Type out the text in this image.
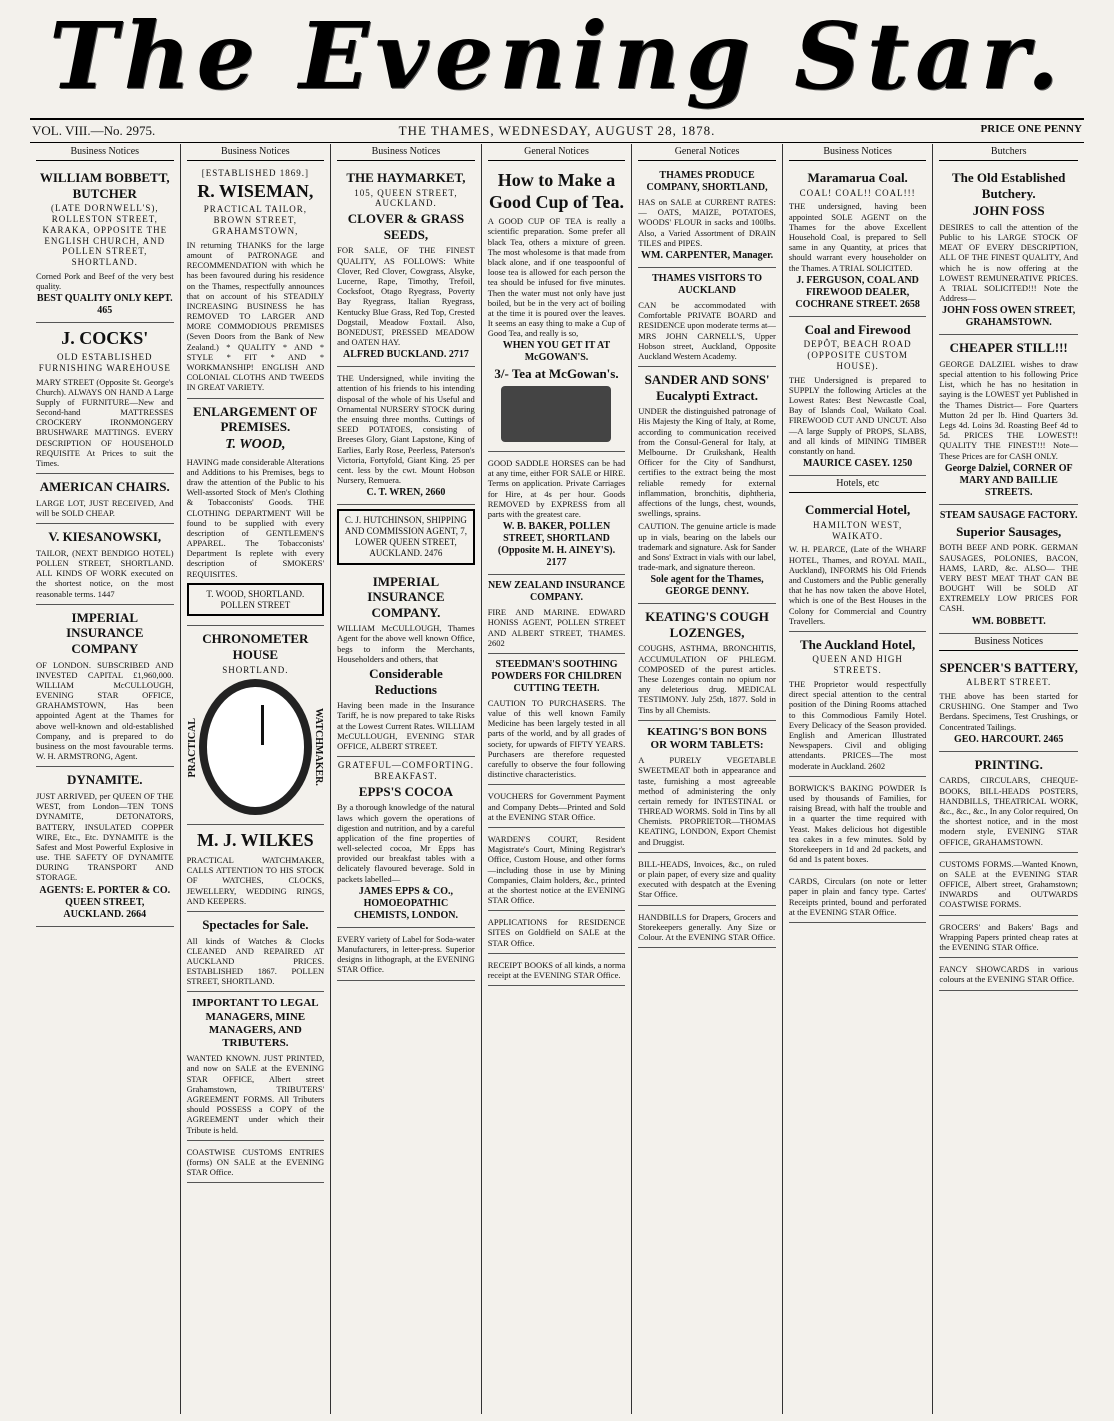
The Evening Star.
VOL. VIII.—No. 2975.	THE THAMES, WEDNESDAY, AUGUST 28, 1878.	PRICE ONE PENNY
Business Notices
WILLIAM BOBBETT, BUTCHER
(LATE DORNWELL'S), ROLLESTON STREET, KARAKA, OPPOSITE THE ENGLISH CHURCH, AND POLLEN STREET, SHORTLAND.
Corned Pork and Beef of the very best quality.
BEST QUALITY ONLY KEPT. 465
J. COCKS'
OLD ESTABLISHED FURNISHING WAREHOUSE
MARY STREET (Opposite St. George's Church). ALWAYS ON HAND A Large Supply of FURNITURE—New and Second-hand MATTRESSES CROCKERY IRONMONGERY BRUSHWARE MATTINGS. EVERY DESCRIPTION OF HOUSEHOLD REQUISITE At Prices to suit the Times.
AMERICAN CHAIRS.
LARGE LOT, JUST RECEIVED, And will be SOLD CHEAP.
V. KIESANOWSKI,
TAILOR, (NEXT BENDIGO HOTEL) POLLEN STREET, SHORTLAND. ALL KINDS OF WORK executed on the shortest notice, on the most reasonable terms. 1447
IMPERIAL INSURANCE COMPANY
OF LONDON. SUBSCRIBED AND INVESTED CAPITAL £1,960,000. WILLIAM McCULLOUGH, EVENING STAR OFFICE, GRAHAMSTOWN, Has been appointed Agent at the Thames for above well-known and old-established Company, and is prepared to do business on the most favourable terms. W. H. ARMSTRONG, Agent.
DYNAMITE.
JUST ARRIVED, per QUEEN OF THE WEST, from London—TEN TONS DYNAMITE, DETONATORS, BATTERY, INSULATED COPPER WIRE, Etc., Etc. DYNAMITE is the Safest and Most Powerful Explosive in use. THE SAFETY OF DYNAMITE DURING TRANSPORT AND STORAGE.
AGENTS: E. PORTER & CO. QUEEN STREET, AUCKLAND. 2664
Business Notices
[ESTABLISHED 1869.]
R. WISEMAN,
PRACTICAL TAILOR, BROWN STREET, GRAHAMSTOWN,
IN returning THANKS for the large amount of PATRONAGE and RECOMMENDATION with which he has been favoured during his residence on the Thames, respectfully announces that on account of his STEADILY INCREASING BUSINESS he has REMOVED TO LARGER AND MORE COMMODIOUS PREMISES (Seven Doors from the Bank of New Zealand.) * QUALITY * AND * STYLE * FIT * AND * WORKMANSHIP! ENGLISH AND COLONIAL CLOTHS AND TWEEDS IN GREAT VARIETY.
ENLARGEMENT OF PREMISES.
T. WOOD,
HAVING made considerable Alterations and Additions to his Premises, begs to draw the attention of the Public to his Well-assorted Stock of Men's Clothing & Tobacconists' Goods. THE CLOTHING DEPARTMENT Will be found to be supplied with every description of GENTLEMEN'S APPAREL. The Tobacconists' Department Is replete with every description of SMOKERS' REQUISITES.
T. WOOD, SHORTLAND. POLLEN STREET
CHRONOMETER HOUSE
SHORTLAND.
PRACTICAL	WATCHMAKER.
M. J. WILKES
PRACTICAL WATCHMAKER, CALLS ATTENTION TO HIS STOCK OF WATCHES, CLOCKS, JEWELLERY, WEDDING RINGS, AND KEEPERS.
Spectacles for Sale.
All kinds of Watches & Clocks CLEANED AND REPAIRED AT AUCKLAND PRICES. ESTABLISHED 1867. POLLEN STREET, SHORTLAND.
IMPORTANT TO LEGAL MANAGERS, MINE MANAGERS, AND TRIBUTERS.
WANTED KNOWN. JUST PRINTED, and now on SALE at the EVENING STAR OFFICE, Albert street Grahamstown, TRIBUTERS' AGREEMENT FORMS. All Tributers should POSSESS a COPY of the AGREEMENT under which their Tribute is held.
COASTWISE CUSTOMS ENTRIES (forms) ON SALE at the EVENING STAR Office.
Business Notices
THE HAYMARKET,
105, QUEEN STREET, AUCKLAND.
CLOVER & GRASS SEEDS,
FOR SALE, OF THE FINEST QUALITY, AS FOLLOWS: White Clover, Red Clover, Cowgrass, Alsyke, Lucerne, Rape, Timothy, Trefoil, Cocksfoot, Otago Ryegrass, Poverty Bay Ryegrass, Italian Ryegrass, Kentucky Blue Grass, Red Top, Crested Dogstail, Meadow Foxtail. Also, BONEDUST, PRESSED MEADOW and OATEN HAY.
ALFRED BUCKLAND. 2717
THE Undersigned, while inviting the attention of his friends to his intending disposal of the whole of his Useful and Ornamental NURSERY STOCK during the ensuing three months. Cuttings of SEED POTATOES, consisting of Breeses Glory, Giant Lapstone, King of Earlies, Early Rose, Peerless, Paterson's Victoria, Fortyfold, Giant King. 25 per cent. less by the cwt. Mount Hobson Nursery, Remuera.
C. T. WREN, 2660
C. J. HUTCHINSON, SHIPPING AND COMMISSION AGENT, 7, LOWER QUEEN STREET, AUCKLAND. 2476
IMPERIAL INSURANCE COMPANY.
WILLIAM McCULLOUGH, Thames Agent for the above well known Office, begs to inform the Merchants, Householders and others, that
Considerable Reductions
Having been made in the Insurance Tariff, he is now prepared to take Risks at the Lowest Current Rates. WILLIAM McCULLOUGH, EVENING STAR OFFICE, ALBERT STREET.
GRATEFUL—COMFORTING.
BREAKFAST.
EPPS'S COCOA
By a thorough knowledge of the natural laws which govern the operations of digestion and nutrition, and by a careful application of the fine properties of well-selected cocoa, Mr Epps has provided our breakfast tables with a delicately flavoured beverage. Sold in packets labelled—
JAMES EPPS & CO., HOMOEOPATHIC CHEMISTS, LONDON.
EVERY variety of Label for Soda-water Manufacturers, in letter-press. Superior designs in lithograph, at the EVENING STAR Office.
General Notices
How to Make a Good Cup of Tea.
A GOOD CUP OF TEA is really a scientific preparation. Some prefer all black Tea, others a mixture of green. The most wholesome is that made from black alone, and if one teaspoonful of loose tea is allowed for each person the tea should be infused for five minutes. Then the water must not only have just boiled, but be in the very act of boiling at the time it is poured over the leaves. It seems an easy thing to make a Cup of Good Tea, and really is so,
WHEN YOU GET IT AT McGOWAN'S.
3/- Tea at McGowan's.
GOOD SADDLE HORSES can be had at any time, either FOR SALE or HIRE. Terms on application. Private Carriages for Hire, at 4s per hour. Goods REMOVED by EXPRESS from all parts with the greatest care.
W. B. BAKER, POLLEN STREET, SHORTLAND (Opposite M. H. AINEY'S). 2177
NEW ZEALAND INSURANCE COMPANY.
FIRE AND MARINE. EDWARD HONISS AGENT, POLLEN STREET AND ALBERT STREET, THAMES. 2602
STEEDMAN'S SOOTHING POWDERS FOR CHILDREN CUTTING TEETH.
CAUTION TO PURCHASERS. The value of this well known Family Medicine has been largely tested in all parts of the world, and by all grades of society, for upwards of FIFTY YEARS. Purchasers are therefore requested carefully to observe the four following distinctive characteristics.
VOUCHERS for Government Payment and Company Debts—Printed and Sold at the EVENING STAR Office.
WARDEN'S COURT, Resident Magistrate's Court, Mining Registrar's Office, Custom House, and other forms—including those in use by Mining Companies, Claim holders, &c., printed at the shortest notice at the EVENING STAR Office.
APPLICATIONS for RESIDENCE SITES on Goldfield on SALE at the STAR Office.
RECEIPT BOOKS of all kinds, a norma receipt at the EVENING STAR Office.
General Notices
THAMES PRODUCE COMPANY, SHORTLAND,
HAS on SALE at CURRENT RATES:— OATS, MAIZE, POTATOES, WOODS' FLOUR in sacks and 100lbs. Also, a Varied Assortment of DRAIN TILES and PIPES.
WM. CARPENTER, Manager.
THAMES VISITORS TO AUCKLAND
CAN be accommodated with Comfortable PRIVATE BOARD and RESIDENCE upon moderate terms at— MRS JOHN CARNELL'S, Upper Hobson street, Auckland, Opposite Auckland Western Academy.
SANDER AND SONS' Eucalypti Extract.
UNDER the distinguished patronage of His Majesty the King of Italy, at Rome, according to communication received from the Consul-General for Italy, at Melbourne. Dr Cruikshank, Health Officer for the City of Sandhurst, certifies to the extract being the most reliable remedy for external inflammation, bronchitis, diphtheria, affections of the lungs, chest, wounds, swellings, sprains.
CAUTION. The genuine article is made up in vials, bearing on the labels our trademark and signature. Ask for Sander and Sons' Extract in vials with our label, trade-mark, and signature thereon.
Sole agent for the Thames, GEORGE DENNY.
KEATING'S COUGH LOZENGES,
COUGHS, ASTHMA, BRONCHITIS, ACCUMULATION OF PHLEGM. COMPOSED of the purest articles. These Lozenges contain no opium nor any deleterious drug. MEDICAL TESTIMONY. July 25th, 1877. Sold in Tins by all Chemists.
KEATING'S BON BONS OR WORM TABLETS:
A PURELY VEGETABLE SWEETMEAT both in appearance and taste, furnishing a most agreeable method of administering the only certain remedy for INTESTINAL or THREAD WORMS. Sold in Tins by all Chemists. PROPRIETOR—THOMAS KEATING, LONDON, Export Chemist and Druggist.
BILL-HEADS, Invoices, &c., on ruled or plain paper, of every size and quality executed with despatch at the Evening Star Office.
HANDBILLS for Drapers, Grocers and Storekeepers generally. Any Size or Colour. At the EVENING STAR Office.
Business Notices
Maramarua Coal.
COAL! COAL!! COAL!!!
THE undersigned, having been appointed SOLE AGENT on the Thames for the above Excellent Household Coal, is prepared to Sell same in any Quantity, at prices that should warrant every householder on the Thames. A TRIAL SOLICITED.
J. FERGUSON, COAL AND FIREWOOD DEALER, COCHRANE STREET. 2658
Coal and Firewood
DEPÔT, BEACH ROAD (OPPOSITE CUSTOM HOUSE).
THE Undersigned is prepared to SUPPLY the following Articles at the Lowest Rates: Best Newcastle Coal, Bay of Islands Coal, Waikato Coal. FIREWOOD CUT AND UNCUT. Also—A large Supply of PROPS, SLABS, and all kinds of MINING TIMBER constantly on hand.
MAURICE CASEY. 1250
Hotels, etc
Commercial Hotel,
HAMILTON WEST, WAIKATO.
W. H. PEARCE, (Late of the WHARF HOTEL, Thames, and ROYAL MAIL, Auckland), INFORMS his Old Friends and Customers and the Public generally that he has now taken the above Hotel, which is one of the Best Houses in the Colony for Commercial and Country Travellers.
The Auckland Hotel,
QUEEN AND HIGH STREETS.
THE Proprietor would respectfully direct special attention to the central position of the Dining Rooms attached to this Commodious Family Hotel. Every Delicacy of the Season provided. English and American Illustrated Newspapers. Civil and obliging attendants. PRICES—The most moderate in Auckland. 2602
BORWICK'S BAKING POWDER Is used by thousands of Families, for raising Bread, with half the trouble and in a quarter the time required with Yeast. Makes delicious hot digestible tea cakes in a few minutes. Sold by Storekeepers in 1d and 2d packets, and 6d and 1s patent boxes.
CARDS, Circulars (on note or letter paper in plain and fancy type. Cartes' Receipts printed, bound and perforated at the EVENING STAR Office.
Butchers
The Old Established Butchery.
JOHN FOSS
DESIRES to call the attention of the Public to his LARGE STOCK OF MEAT OF EVERY DESCRIPTION, ALL OF THE FINEST QUALITY, And which he is now offering at the LOWEST REMUNERATIVE PRICES. A TRIAL SOLICITED!!! Note the Address—
JOHN FOSS OWEN STREET, GRAHAMSTOWN.
CHEAPER STILL!!!
GEORGE DALZIEL wishes to draw special attention to his following Price List, which he has no hesitation in saying is the LOWEST yet Published in the Thames District— Fore Quarters Mutton 2d per lb. Hind Quarters 3d. Legs 4d. Loins 3d. Roasting Beef 4d to 5d. PRICES THE LOWEST!! QUALITY THE FINEST!!! Note—These Prices are for CASH ONLY.
George Dalziel, CORNER OF MARY AND BAILLIE STREETS.
STEAM SAUSAGE FACTORY.
Superior Sausages,
BOTH BEEF AND PORK. GERMAN SAUSAGES, POLONIES, BACON, HAMS, LARD, &c. ALSO— THE VERY BEST MEAT THAT CAN BE BOUGHT Will be SOLD AT EXTREMELY LOW PRICES FOR CASH.
WM. BOBBETT.
Business Notices
SPENCER'S BATTERY,
ALBERT STREET.
THE above has been started for CRUSHING. One Stamper and Two Berdans. Specimens, Test Crushings, or Concentrated Tailings.
GEO. HARCOURT. 2465
PRINTING.
CARDS, CIRCULARS, CHEQUE-BOOKS, BILL-HEADS POSTERS, HANDBILLS, THEATRICAL WORK, &c., &c., &c., In any Color required, On the shortest notice, and in the most modern style, EVENING STAR OFFICE, GRAHAMSTOWN.
CUSTOMS FORMS.—Wanted Known, on SALE at the EVENING STAR OFFICE, Albert street, Grahamstown; INWARDS and OUTWARDS COASTWISE FORMS.
GROCERS' and Bakers' Bags and Wrapping Papers printed cheap rates at the EVENING STAR Office.
FANCY SHOWCARDS in various colours at the EVENING STAR Office.
